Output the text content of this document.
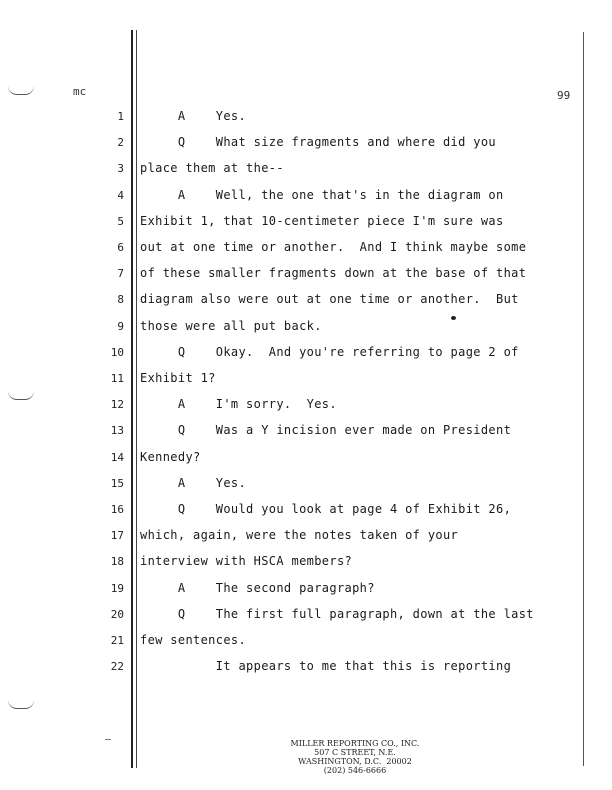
mc	99
1 A    Yes.
2 Q    What size fragments and where did you
3 place them at the--
4 A    Well, the one that's in the diagram on
5 Exhibit 1, that 10-centimeter piece I'm sure was
6 out at one time or another.  And I think maybe some
7 of these smaller fragments down at the base of that
8 diagram also were out at one time or another.  But
9 those were all put back.
10 Q    Okay.  And you're referring to page 2 of
11 Exhibit 1?
12 A    I'm sorry.  Yes.
13 Q    Was a Y incision ever made on President
14 Kennedy?
15 A    Yes.
16 Q    Would you look at page 4 of Exhibit 26,
17 which, again, were the notes taken of your
18 interview with HSCA members?
19 A    The second paragraph?
20 Q    The first full paragraph, down at the last
21 few sentences.
22 It appears to me that this is reporting
MILLER REPORTING CO., INC.
507 C STREET, N.E.
WASHINGTON, D.C.  20002
(202) 546-6666
